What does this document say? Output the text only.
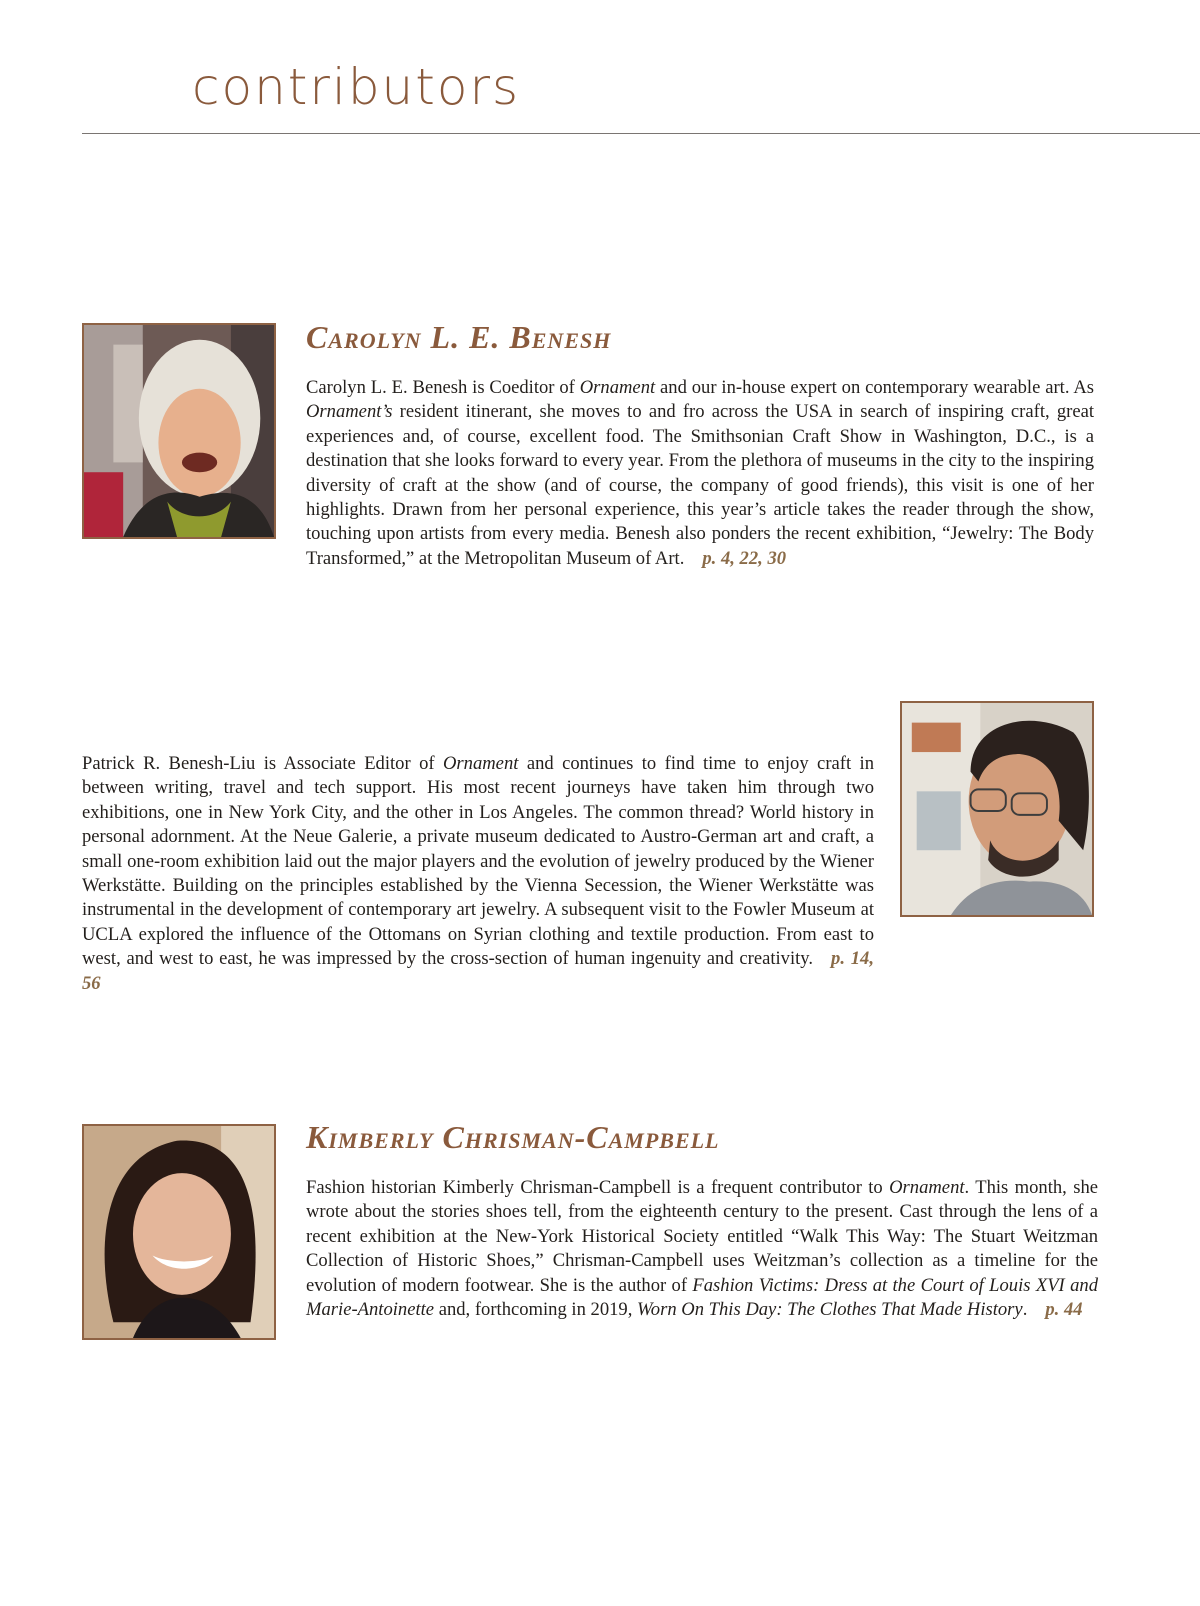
contributors
Carolyn L. E. Benesh

Carolyn L. E. Benesh is Coeditor of Ornament and our in-house expert on contemporary wearable art. As Ornament’s resident itinerant, she moves to and fro across the USA in search of inspiring craft, great experiences and, of course, excellent food. The Smithsonian Craft Show in Washington, D.C., is a destination that she looks forward to every year. From the plethora of museums in the city to the inspiring diversity of craft at the show (and of course, the company of good friends), this visit is one of her highlights. Drawn from her personal experience, this year’s article takes the reader through the show, touching upon artists from every media. Benesh also ponders the recent exhibition, “Jewelry: The Body Transformed,” at the Metropolitan Museum of Art. p. 4, 22, 30

Patrick R. Benesh-Liu is Associate Editor of Ornament and continues to find time to enjoy craft in between writing, travel and tech support. His most recent journeys have taken him through two exhibitions, one in New York City, and the other in Los Angeles. The common thread? World history in personal adornment. At the Neue Galerie, a private museum dedicated to Austro-German art and craft, a small one-room exhibition laid out the major players and the evolution of jewelry produced by the Wiener Werkstätte. Building on the principles established by the Vienna Secession, the Wiener Werkstätte was instrumental in the development of contemporary art jewelry. A subsequent visit to the Fowler Museum at UCLA explored the influence of the Ottomans on Syrian clothing and textile production. From east to west, and west to east, he was impressed by the cross-section of human ingenuity and creativity. p. 14, 56

Kimberly Chrisman-Campbell

Fashion historian Kimberly Chrisman-Campbell is a frequent contributor to Ornament. This month, she wrote about the stories shoes tell, from the eighteenth century to the present. Cast through the lens of a recent exhibition at the New-York Historical Society entitled “Walk This Way: The Stuart Weitzman Collection of Historic Shoes,” Chrisman-Campbell uses Weitzman’s collection as a timeline for the evolution of modern footwear. She is the author of Fashion Victims: Dress at the Court of Louis XVI and Marie-Antoinette and, forthcoming in 2019, Worn On This Day: The Clothes That Made History. p. 44
